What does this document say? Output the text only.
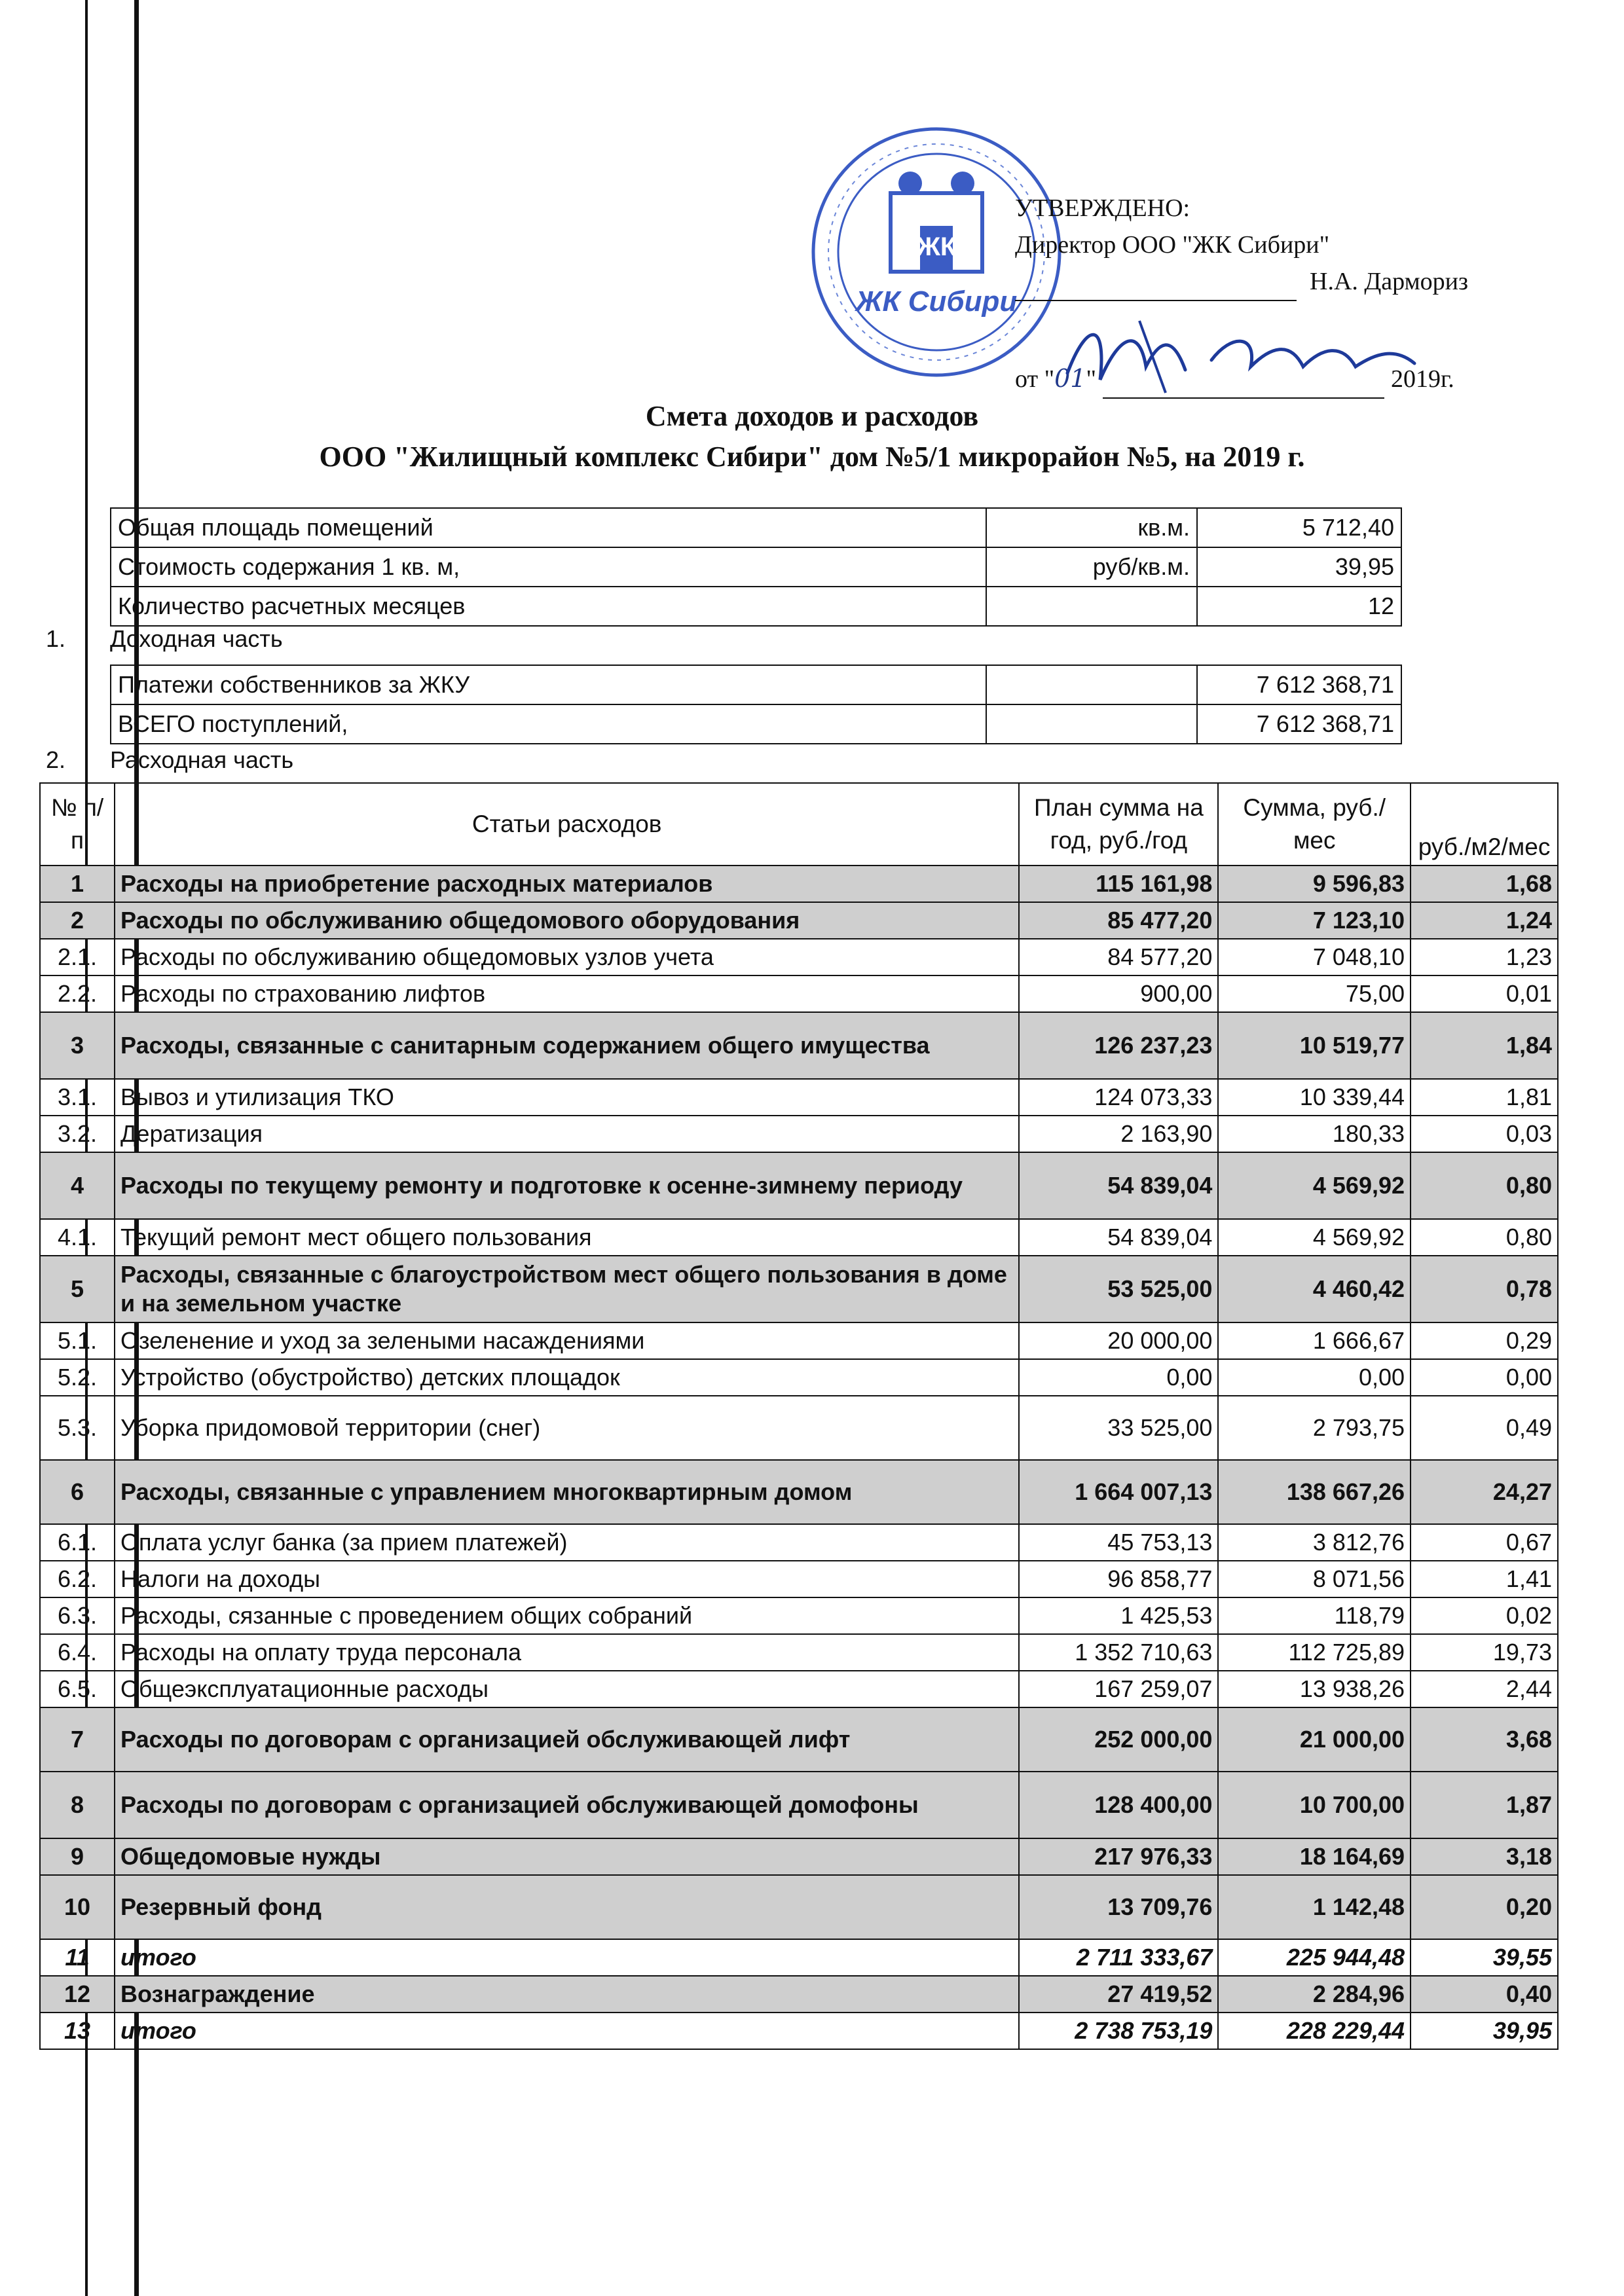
ЖК Сибири
ЖК
УТВЕРЖДЕНО:
Директор ООО "ЖК Сибири"
Н.А. Дармориз
от "01"	2019г.
Смета доходов и расходов
ООО "Жилищный комплекс Сибири" дом №5/1 микрорайон №5, на 2019 г.
Общая площадь помещений	кв.м.	5 712,40
Стоимость содержания 1 кв. м,	руб/кв.м.	39,95
Количество расчетных месяцев		12
1. Доходная часть
Платежи собственников за ЖКУ		7 612 368,71
ВСЕГО поступлений,		7 612 368,71
2. Расходная часть
№ п/п	Статьи расходов	План сумма на год, руб./год	Сумма, руб./мес	руб./м2/мес
1	Расходы на приобретение расходных материалов	115 161,98	9 596,83	1,68
2	Расходы по обслуживанию общедомового оборудования	85 477,20	7 123,10	1,24
2.1.	Расходы по обслуживанию общедомовых узлов учета	84 577,20	7 048,10	1,23
2.2.	Расходы по страхованию лифтов	900,00	75,00	0,01
3	Расходы, связанные с санитарным содержанием общего имущества	126 237,23	10 519,77	1,84
3.1.	Вывоз и утилизация ТКО	124 073,33	10 339,44	1,81
3.2.	Дератизация	2 163,90	180,33	0,03
4	Расходы по текущему ремонту и подготовке к осенне-зимнему периоду	54 839,04	4 569,92	0,80
4.1.	Текущий ремонт мест общего пользования	54 839,04	4 569,92	0,80
5	Расходы, связанные с благоустройством мест общего пользования в доме и на земельном участке	53 525,00	4 460,42	0,78
5.1.	Озеленение и уход за зелеными насаждениями	20 000,00	1 666,67	0,29
5.2.	Устройство (обустройство) детских площадок	0,00	0,00	0,00
5.3.	Уборка придомовой территории (снег)	33 525,00	2 793,75	0,49
6	Расходы, связанные с управлением многоквартирным домом	1 664 007,13	138 667,26	24,27
6.1.	Оплата услуг банка (за прием платежей)	45 753,13	3 812,76	0,67
6.2.	Налоги на доходы	96 858,77	8 071,56	1,41
6.3.	Расходы, сязанные с проведением общих собраний	1 425,53	118,79	0,02
6.4.	Расходы на оплату труда персонала	1 352 710,63	112 725,89	19,73
6.5.	Общеэксплуатационные расходы	167 259,07	13 938,26	2,44
7	Расходы по договорам с организацией обслуживающей лифт	252 000,00	21 000,00	3,68
8	Расходы по договорам с организацией обслуживающей домофоны	128 400,00	10 700,00	1,87
9	Общедомовые нужды	217 976,33	18 164,69	3,18
10	Резервный фонд	13 709,76	1 142,48	0,20
11	итого	2 711 333,67	225 944,48	39,55
12	Вознаграждение	27 419,52	2 284,96	0,40
13	итого	2 738 753,19	228 229,44	39,95
